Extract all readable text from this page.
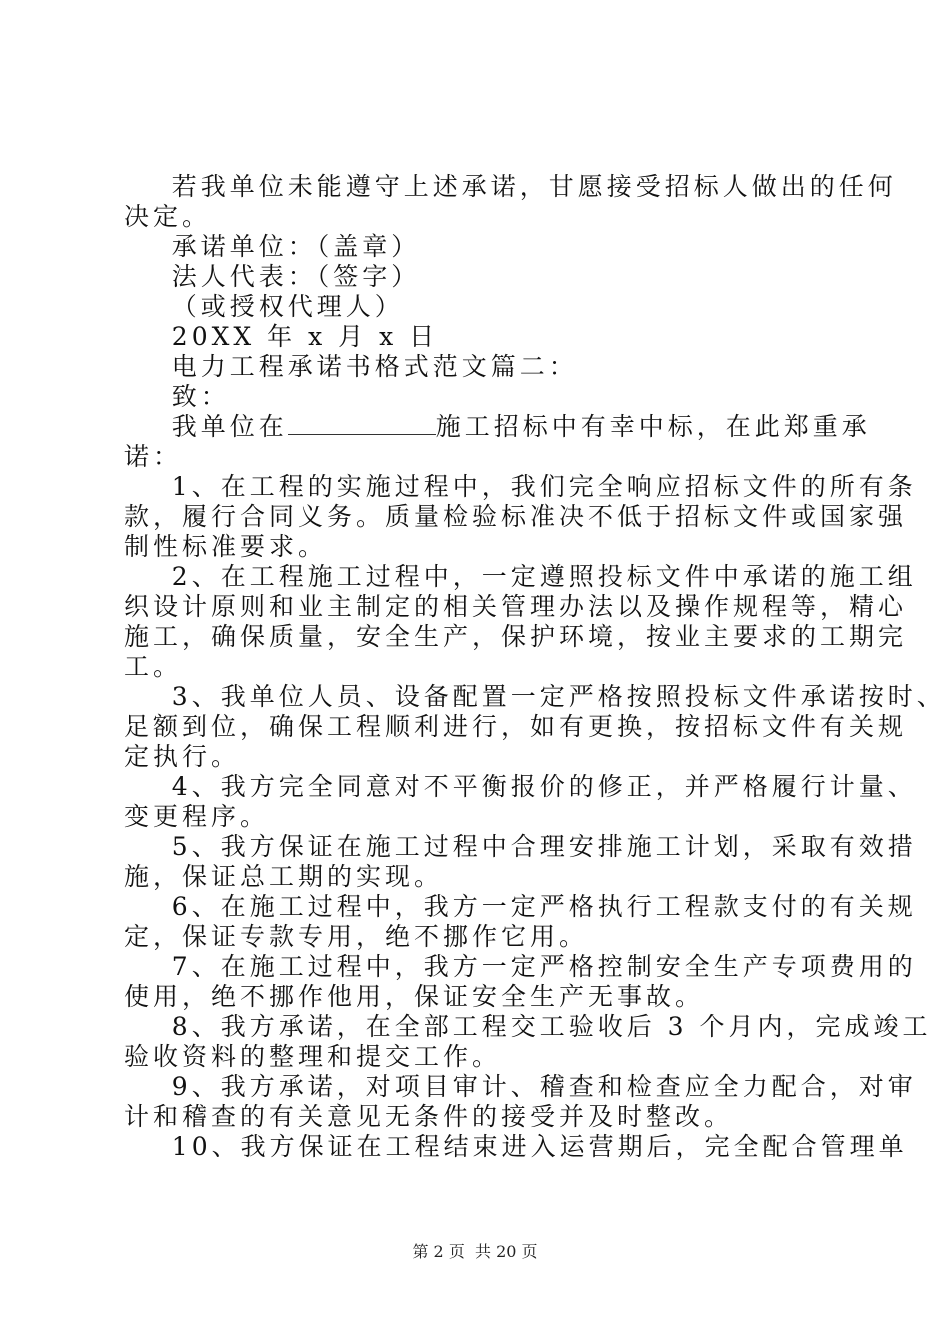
若我单位未能遵守上述承诺，甘愿接受招标人做出的任何

决定。

承诺单位：（盖章）

法人代表：（签字）

（或授权代理人）

20XX 年 x 月 x 日

电力工程承诺书格式范文篇二：

致：

我单位在	施工招标中有幸中标，在此郑重承

诺：

1、在工程的实施过程中，我们完全响应招标文件的所有条

款，履行合同义务。质量检验标准决不低于招标文件或国家强

制性标准要求。

2、在工程施工过程中，一定遵照投标文件中承诺的施工组

织设计原则和业主制定的相关管理办法以及操作规程等，精心

施工，确保质量，安全生产，保护环境，按业主要求的工期完

工。

3、我单位人员、设备配置一定严格按照投标文件承诺按时、

足额到位，确保工程顺利进行，如有更换，按招标文件有关规

定执行。

4、我方完全同意对不平衡报价的修正，并严格履行计量、

变更程序。

5、我方保证在施工过程中合理安排施工计划，采取有效措

施，保证总工期的实现。

6、在施工过程中，我方一定严格执行工程款支付的有关规

定，保证专款专用，绝不挪作它用。

7、在施工过程中，我方一定严格控制安全生产专项费用的

使用，绝不挪作他用，保证安全生产无事故。

8、我方承诺，在全部工程交工验收后 3 个月内，完成竣工

验收资料的整理和提交工作。

9、我方承诺，对项目审计、稽查和检查应全力配合，对审

计和稽查的有关意见无条件的接受并及时整改。

10、我方保证在工程结束进入运营期后，完全配合管理单

第 2 页  共 20 页
